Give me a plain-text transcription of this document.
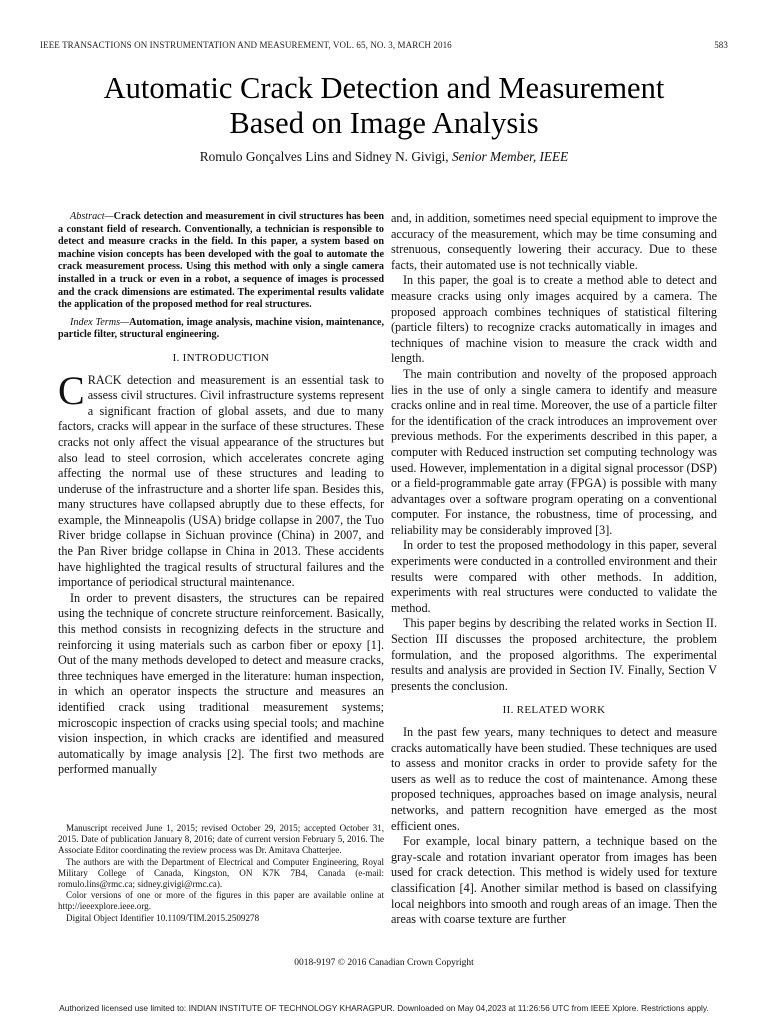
IEEE TRANSACTIONS ON INSTRUMENTATION AND MEASUREMENT, VOL. 65, NO. 3, MARCH 2016	583
Automatic Crack Detection and Measurement
Based on Image Analysis
Romulo Gonçalves Lins and Sidney N. Givigi, Senior Member, IEEE

Abstract—Crack detection and measurement in civil structures has been a constant field of research. Conventionally, a technician is responsible to detect and measure cracks in the field. In this paper, a system based on machine vision concepts has been developed with the goal to automate the crack measurement process. Using this method with only a single camera installed in a truck or even in a robot, a sequence of images is processed and the crack dimensions are estimated. The experimental results validate the application of the proposed method for real structures.

Index Terms—Automation, image analysis, machine vision, maintenance, particle filter, structural engineering.

I. INTRODUCTION

CRACK detection and measurement is an essential task to assess civil structures. Civil infrastructure systems represent a significant fraction of global assets, and due to many factors, cracks will appear in the surface of these structures. These cracks not only affect the visual appearance of the structures but also lead to steel corrosion, which accelerates concrete aging affecting the normal use of these structures and leading to underuse of the infrastructure and a shorter life span. Besides this, many structures have collapsed abruptly due to these effects, for example, the Minneapolis (USA) bridge collapse in 2007, the Tuo River bridge collapse in Sichuan province (China) in 2007, and the Pan River bridge collapse in China in 2013. These accidents have highlighted the tragical results of structural failures and the importance of periodical structural maintenance.

In order to prevent disasters, the structures can be repaired using the technique of concrete structure reinforcement. Basically, this method consists in recognizing defects in the structure and reinforcing it using materials such as carbon fiber or epoxy [1]. Out of the many methods developed to detect and measure cracks, three techniques have emerged in the literature: human inspection, in which an operator inspects the structure and measures an identified crack using traditional measurement systems; microscopic inspection of cracks using special tools; and machine vision inspection, in which cracks are identified and measured automatically by image analysis [2]. The first two methods are performed manually

Manuscript received June 1, 2015; revised October 29, 2015; accepted October 31, 2015. Date of publication January 8, 2016; date of current version February 5, 2016. The Associate Editor coordinating the review process was Dr. Amitava Chatterjee.

The authors are with the Department of Electrical and Computer Engineering, Royal Military College of Canada, Kingston, ON K7K 7B4, Canada (e-mail: romulo.lins@rmc.ca; sidney.givigi@rmc.ca).

Color versions of one or more of the figures in this paper are available online at http://ieeexplore.ieee.org.

Digital Object Identifier 10.1109/TIM.2015.2509278

and, in addition, sometimes need special equipment to improve the accuracy of the measurement, which may be time consuming and strenuous, consequently lowering their accuracy. Due to these facts, their automated use is not technically viable.

In this paper, the goal is to create a method able to detect and measure cracks using only images acquired by a camera. The proposed approach combines techniques of statistical filtering (particle filters) to recognize cracks automatically in images and techniques of machine vision to measure the crack width and length.

The main contribution and novelty of the proposed approach lies in the use of only a single camera to identify and measure cracks online and in real time. Moreover, the use of a particle filter for the identification of the crack introduces an improvement over previous methods. For the experiments described in this paper, a computer with Reduced instruction set computing technology was used. However, implementation in a digital signal processor (DSP) or a field-programmable gate array (FPGA) is possible with many advantages over a software program operating on a conventional computer. For instance, the robustness, time of processing, and reliability may be considerably improved [3].

In order to test the proposed methodology in this paper, several experiments were conducted in a controlled environment and their results were compared with other methods. In addition, experiments with real structures were conducted to validate the method.

This paper begins by describing the related works in Section II. Section III discusses the proposed architecture, the problem formulation, and the proposed algorithms. The experimental results and analysis are provided in Section IV. Finally, Section V presents the conclusion.

II. RELATED WORK

In the past few years, many techniques to detect and measure cracks automatically have been studied. These techniques are used to assess and monitor cracks in order to provide safety for the users as well as to reduce the cost of maintenance. Among these proposed techniques, approaches based on image analysis, neural networks, and pattern recognition have emerged as the most efficient ones.

For example, local binary pattern, a technique based on the gray-scale and rotation invariant operator from images has been used for crack detection. This method is widely used for texture classification [4]. Another similar method is based on classifying local neighbors into smooth and rough areas of an image. Then the areas with coarse texture are further

0018-9197 © 2016 Canadian Crown Copyright
Authorized licensed use limited to: INDIAN INSTITUTE OF TECHNOLOGY KHARAGPUR. Downloaded on May 04,2023 at 11:26:56 UTC from IEEE Xplore. Restrictions apply.
